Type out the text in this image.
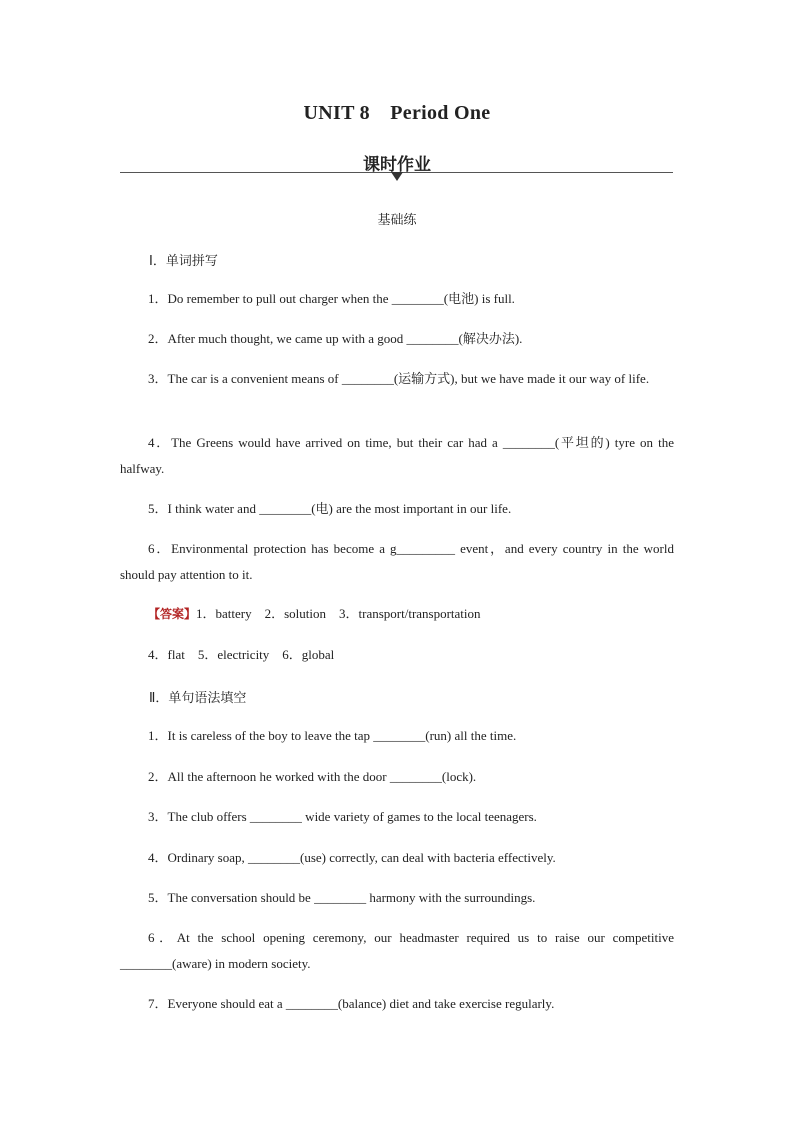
UNIT 8　Period One
课时作业
基础练
Ⅰ．单词拼写
1．Do remember to pull out charger when the ________(电池) is full.
2．After much thought, we came up with a good ________(解决办法).
3．The car is a convenient means of ________(运输方式), but we have made it our way of life.
4．The Greens would have arrived on time, but their car had a ________(平坦的) tyre on the halfway.
5．I think water and ________(电) are the most important in our life.
6．Environmental protection has become a g_________ event，and every country in the world should pay attention to it.
【答案】1．battery　2．solution　3．transport/transportation
4．flat　5．electricity　6．global
Ⅱ．单句语法填空
1．It is careless of the boy to leave the tap ________(run) all the time.
2．All the afternoon he worked with the door ________(lock).
3．The club offers ________ wide variety of games to the local teenagers.
4．Ordinary soap, ________(use) correctly, can deal with bacteria effectively.
5．The conversation should be ________ harmony with the surroundings.
6．At the school opening ceremony, our headmaster required us to raise our competitive ________(aware) in modern society.
7．Everyone should eat a ________(balance) diet and take exercise regularly.
